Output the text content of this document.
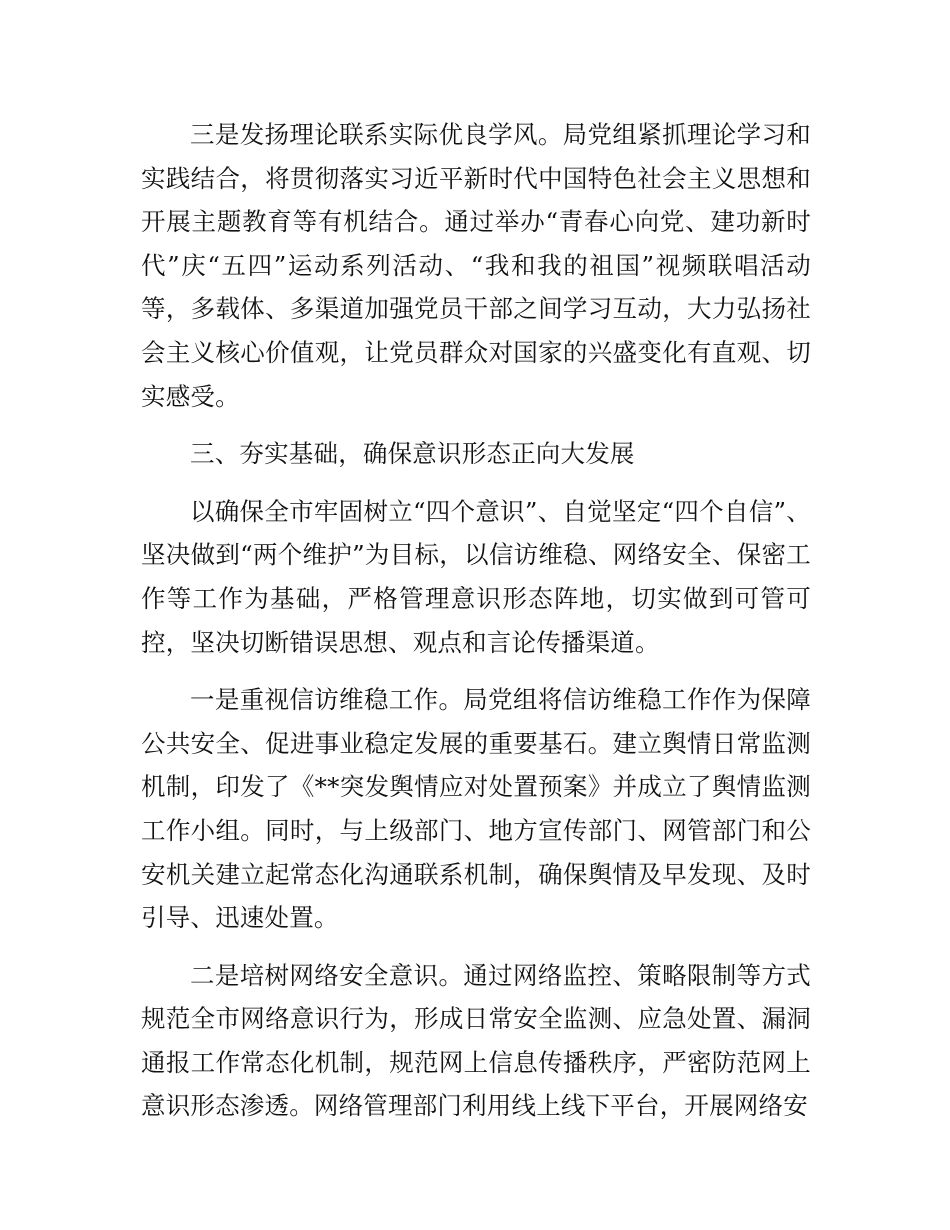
三是发扬理论联系实际优良学风。局党组紧抓理论学习和实践结合，将贯彻落实习近平新时代中国特色社会主义思想和开展主题教育等有机结合。通过举办“青春心向党、建功新时代”庆“五四”运动系列活动、“我和我的祖国”视频联唱活动等，多载体、多渠道加强党员干部之间学习互动，大力弘扬社会主义核心价值观，让党员群众对国家的兴盛变化有直观、切实感受。

三、夯实基础，确保意识形态正向大发展

以确保全市牢固树立“四个意识”、自觉坚定“四个自信”、坚决做到“两个维护”为目标，以信访维稳、网络安全、保密工作等工作为基础，严格管理意识形态阵地，切实做到可管可控，坚决切断错误思想、观点和言论传播渠道。

一是重视信访维稳工作。局党组将信访维稳工作作为保障公共安全、促进事业稳定发展的重要基石。建立舆情日常监测机制，印发了《**突发舆情应对处置预案》并成立了舆情监测工作小组。同时，与上级部门、地方宣传部门、网管部门和公安机关建立起常态化沟通联系机制，确保舆情及早发现、及时引导、迅速处置。

二是培树网络安全意识。通过网络监控、策略限制等方式规范全市网络意识行为，形成日常安全监测、应急处置、漏洞通报工作常态化机制，规范网上信息传播秩序，严密防范网上意识形态渗透。网络管理部门利用线上线下平台，开展网络安
